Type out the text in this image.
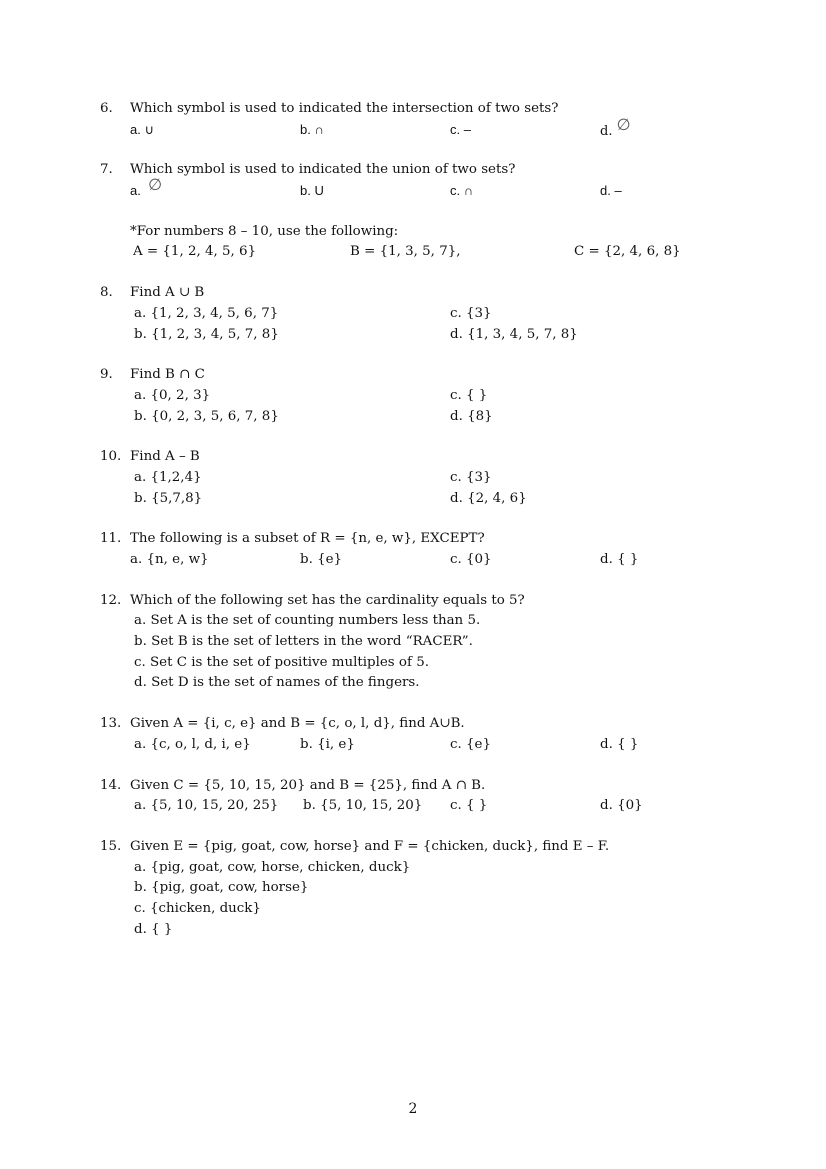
6. Which symbol is used to indicated the intersection of two sets?
a. ∪	b. ∩	c. –	d. ∅
7. Which symbol is used to indicated the union of two sets?
a. ∅	b. U	c. ∩	d. –
*For numbers 8 – 10, use the following:
A = {1, 2, 4, 5, 6}	B = {1, 3, 5, 7},	C = {2, 4, 6, 8}
8. Find A ∪ B
a. {1, 2, 3, 4, 5, 6, 7}	c. {3}
b. {1, 2, 3, 4, 5, 7, 8}	d. {1, 3, 4, 5, 7, 8}
9. Find B ∩ C
a. {0, 2, 3}	c. { }
b. {0, 2, 3, 5, 6, 7, 8}	d. {8}
10. Find A – B
a. {1,2,4}	c. {3}
b. {5,7,8}	d. {2, 4, 6}
11. The following is a subset of R = {n, e, w}, EXCEPT?
a. {n, e, w}	b. {e}	c. {0}	d. { }
12. Which of the following set has the cardinality equals to 5?
a. Set A is the set of counting numbers less than 5.
b. Set B is the set of letters in the word “RACER”.
c. Set C is the set of positive multiples of 5.
d. Set D is the set of names of the fingers.
13. Given A = {i, c, e} and B = {c, o, l, d}, find A∪B.
a. {c, o, l, d, i, e}	b. {i, e}	c. {e}	d. { }
14. Given C = {5, 10, 15, 20} and B = {25}, find A ∩ B.
a. {5, 10, 15, 20, 25} b. {5, 10, 15, 20} c. { }	d. {0}
15. Given E = {pig, goat, cow, horse} and F = {chicken, duck}, find E – F.
a. {pig, goat, cow, horse, chicken, duck}
b. {pig, goat, cow, horse}
c. {chicken, duck}
d. { }
2
